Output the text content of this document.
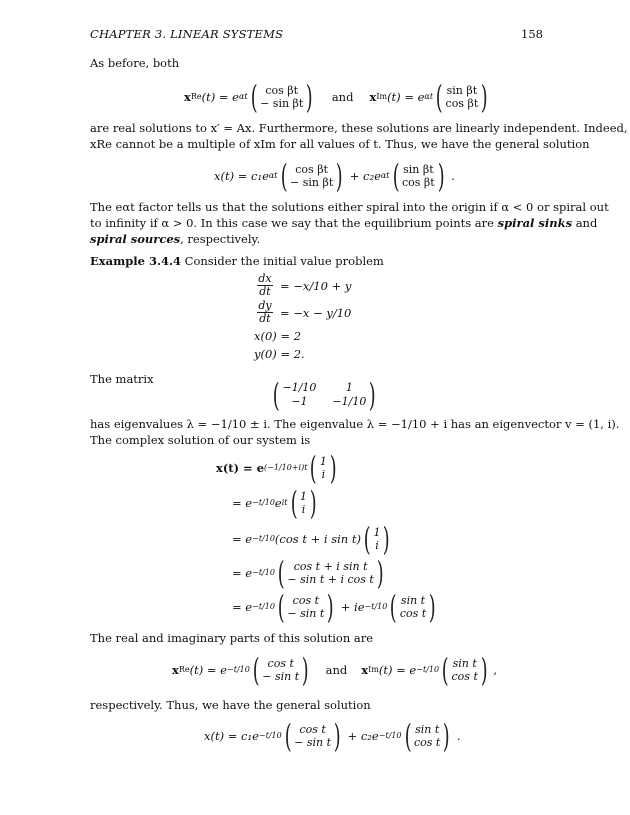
CHAPTER 3. LINEAR SYSTEMS	158
As before, both
x Re (t) = e αt ( cos βt
− sin βt ) and x Im (t) = e αt ( sin βt
cos βt )
are real solutions to x′ = Ax. Furthermore, these solutions are linearly independent. Indeed,
xRe cannot be a multiple of xIm for all values of t. Thus, we have the general solution
x(t) = c₁e αt ( cos βt
− sin βt ) + c₂e αt ( sin βt
cos βt ) .
The eαt factor tells us that the solutions either spiral into the origin if α < 0 or spiral out
to infinity if α > 0. In this case we say that the equilibrium points are spiral sinks and
spiral sources, respectively.
Example 3.4.4 Consider the initial value problem
$\frac{dx}{dt} = -x/10 + y$
$\frac{dy}{dt} = -x - y/10$
x(0) = 2
y(0) = 2.
The matrix	( −1/10	1
−1	−1/10 )
has eigenvalues λ = −1/10 ± i. The eigenvalue λ = −1/10 + i has an eigenvector v = (1, i).
The complex solution of our system is
x(t) = e (−1/10+i)t ( 1
i )
= e −t/10 e it ( 1
i )
= e −t/10 (cos t + i sin t) ( 1
i )
= e −t/10 ( cos t + i sin t
− sin t + i cos t )
= e −t/10 ( cos t
− sin t ) + ie −t/10 ( sin t
cos t )
The real and imaginary parts of this solution are
x Re (t) = e −t/10 ( cos t
− sin t ) and x Im (t) = e −t/10 ( sin t
cos t ) ,
respectively. Thus, we have the general solution
x(t) = c₁e −t/10 ( cos t
− sin t ) + c₂e −t/10 ( sin t
cos t ) .
